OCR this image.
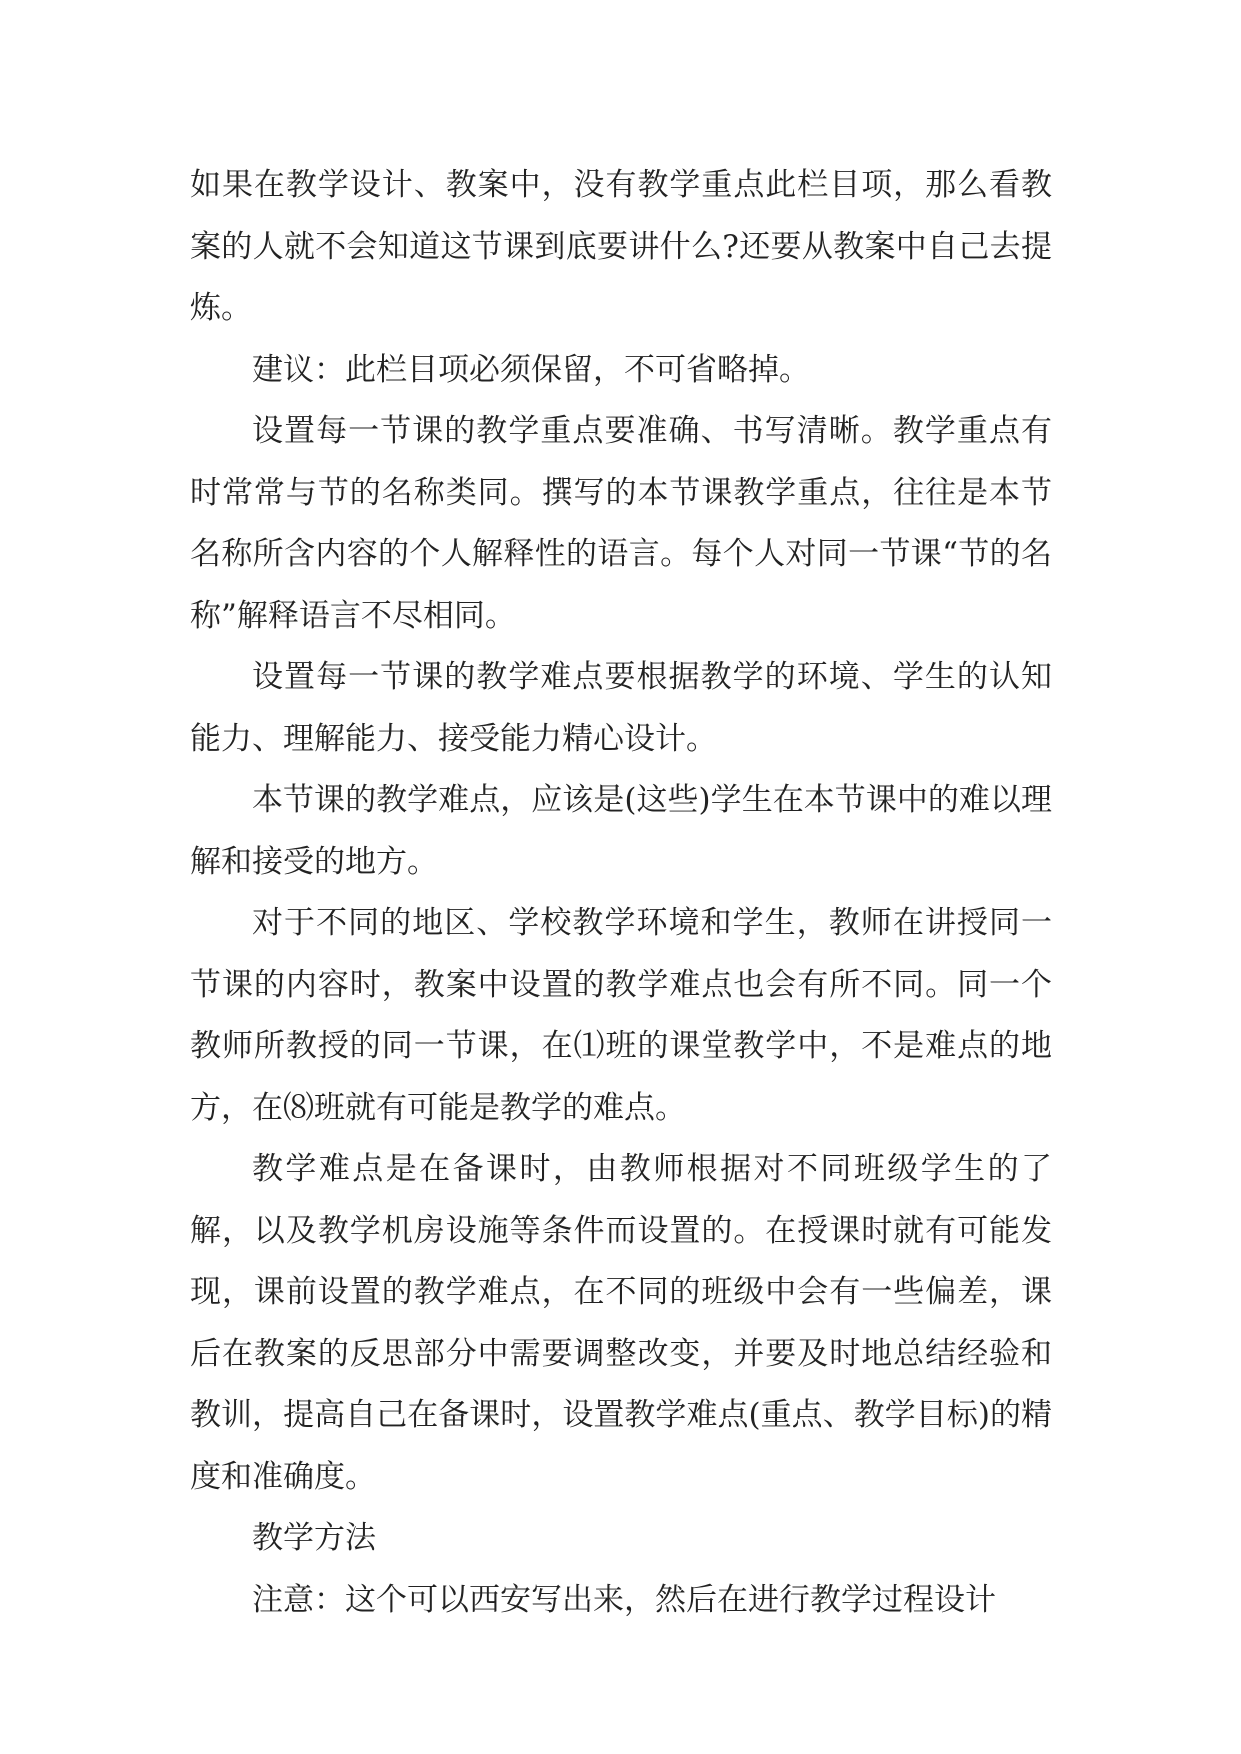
如果在教学设计、教案中，没有教学重点此栏目项，那么看教案的人就不会知道这节课到底要讲什么?还要从教案中自己去提炼。

建议：此栏目项必须保留，不可省略掉。

设置每一节课的教学重点要准确、书写清晰。教学重点有时常常与节的名称类同。撰写的本节课教学重点，往往是本节名称所含内容的个人解释性的语言。每个人对同一节课“节的名称”解释语言不尽相同。

设置每一节课的教学难点要根据教学的环境、学生的认知能力、理解能力、接受能力精心设计。

本节课的教学难点，应该是(这些)学生在本节课中的难以理解和接受的地方。

对于不同的地区、学校教学环境和学生，教师在讲授同一节课的内容时，教案中设置的教学难点也会有所不同。同一个教师所教授的同一节课，在⑴班的课堂教学中，不是难点的地方，在⑻班就有可能是教学的难点。

教学难点是在备课时，由教师根据对不同班级学生的了解，以及教学机房设施等条件而设置的。在授课时就有可能发现，课前设置的教学难点，在不同的班级中会有一些偏差，课后在教案的反思部分中需要调整改变，并要及时地总结经验和教训，提高自己在备课时，设置教学难点(重点、教学目标)的精度和准确度。

教学方法

注意：这个可以西安写出来，然后在进行教学过程设计
